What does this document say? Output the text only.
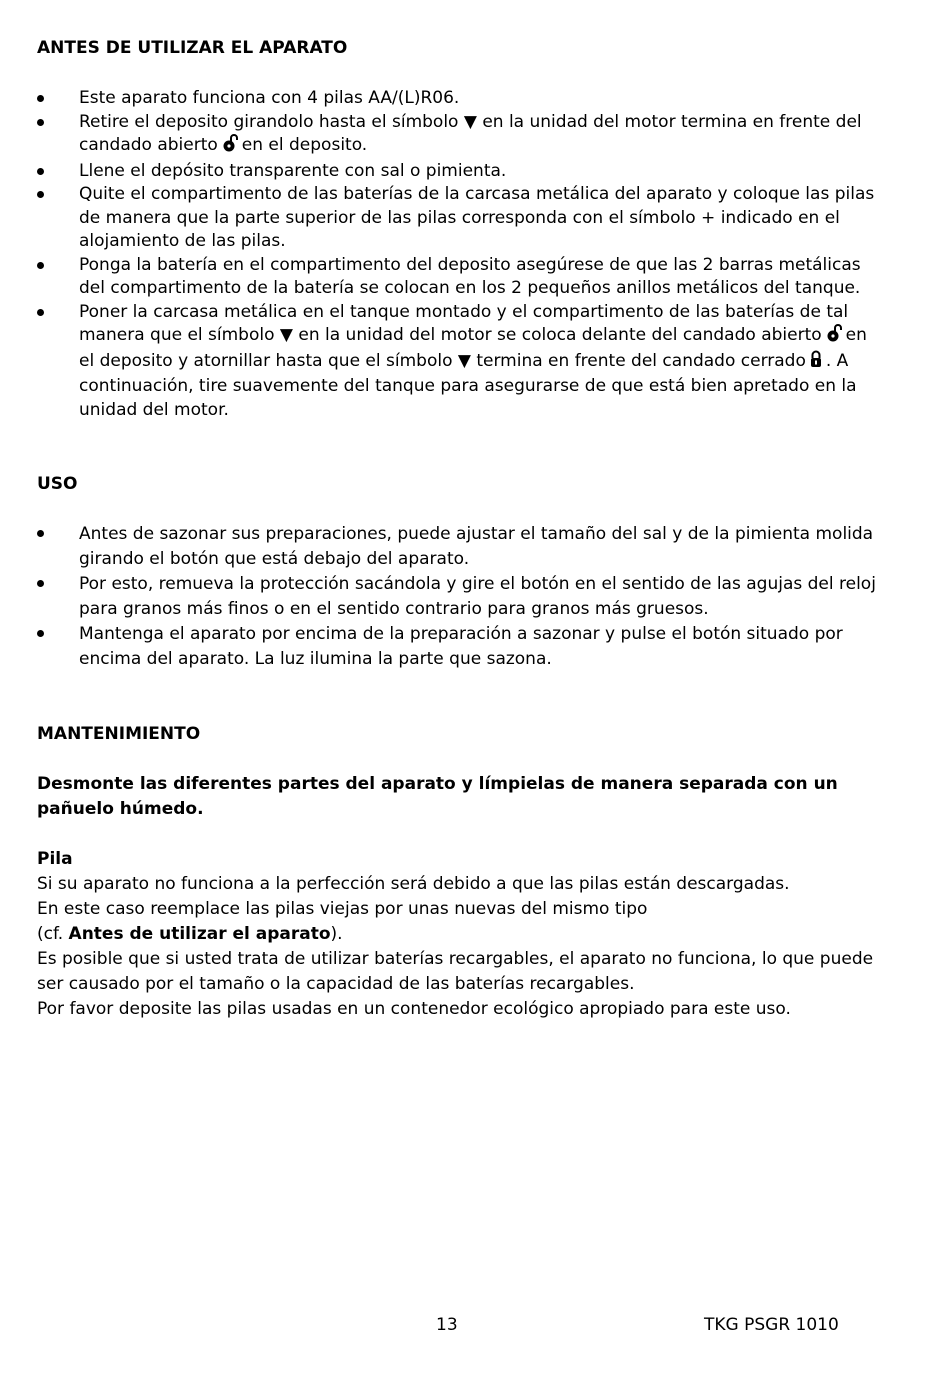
ANTES DE UTILIZAR EL APARATO

Este aparato funciona con 4 pilas AA/(L)R06.
Retire el deposito girandolo hasta el símbolo ▼ en la unidad del motor termina en frente del candado abierto en el deposito.
Llene el depósito transparente con sal o pimienta.
Quite el compartimento de las baterías de la carcasa metálica del aparato y coloque las pilas de manera que la parte superior de las pilas corresponda con el símbolo + indicado en el alojamiento de las pilas.
Ponga la batería en el compartimento del deposito asegúrese de que las 2 barras metálicas del compartimento de la batería se colocan en los 2 pequeños anillos metálicos del tanque.
Poner la carcasa metálica en el tanque montado y el compartimento de las baterías de tal manera que el símbolo ▼ en la unidad del motor se coloca delante del candado abierto en el deposito y atornillar hasta que el símbolo ▼ termina en frente del candado cerrado . A continuación, tire suavemente del tanque para asegurarse de que está bien apretado en la unidad del motor.

USO

Antes de sazonar sus preparaciones, puede ajustar el tamaño del sal y de la pimienta molida girando el botón que está debajo del aparato.
Por esto, remueva la protección sacándola y gire el botón en el sentido de las agujas del reloj para granos más finos o en el sentido contrario para granos más gruesos.
Mantenga el aparato por encima de la preparación a sazonar y pulse el botón situado por encima del aparato. La luz ilumina la parte que sazona.

MANTENIMIENTO

Desmonte las diferentes partes del aparato y límpielas de manera separada con un pañuelo húmedo.

Pila

Si su aparato no funciona a la perfección será debido a que las pilas están descargadas.

En este caso reemplace las pilas viejas por unas nuevas del mismo tipo

(cf. Antes de utilizar el aparato).

Es posible que si usted trata de utilizar baterías recargables, el aparato no funciona, lo que puede ser causado por el tamaño o la capacidad de las baterías recargables.

Por favor deposite las pilas usadas en un contenedor ecológico apropiado para este uso.

13	TKG PSGR 1010
